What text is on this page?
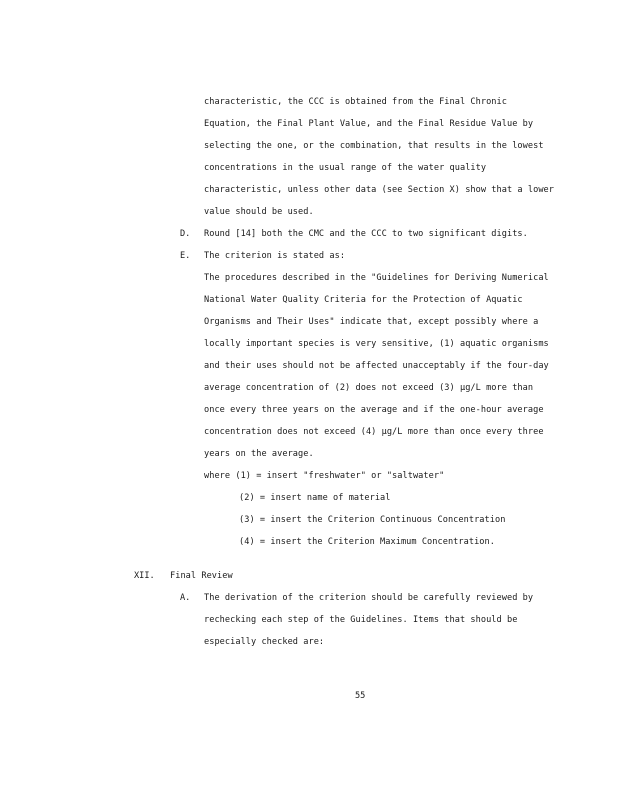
characteristic, the CCC is obtained from the Final Chronic
Equation, the Final Plant Value, and the Final Residue Value by
selecting the one, or the combination, that results in the lowest
concentrations in the usual range of the water quality
characteristic, unless other data (see Section X) show that a lower
value should be used.
D. Round [14] both the CMC and the CCC to two significant digits.
E. The criterion is stated as:
The procedures described in the "Guidelines for Deriving Numerical
National Water Quality Criteria for the Protection of Aquatic
Organisms and Their Uses" indicate that, except possibly where a
locally important species is very sensitive, (1) aquatic organisms
and their uses should not be affected unacceptably if the four-day
average concentration of (2) does not exceed (3) µg/L more than
once every three years on the average and if the one-hour average
concentration does not exceed (4) µg/L more than once every three
years on the average.
where (1) = insert "freshwater" or "saltwater"
(2) = insert name of material
(3) = insert the Criterion Continuous Concentration
(4) = insert the Criterion Maximum Concentration.
XII. Final Review
A. The derivation of the criterion should be carefully reviewed by
rechecking each step of the Guidelines. Items that should be
especially checked are:
55
